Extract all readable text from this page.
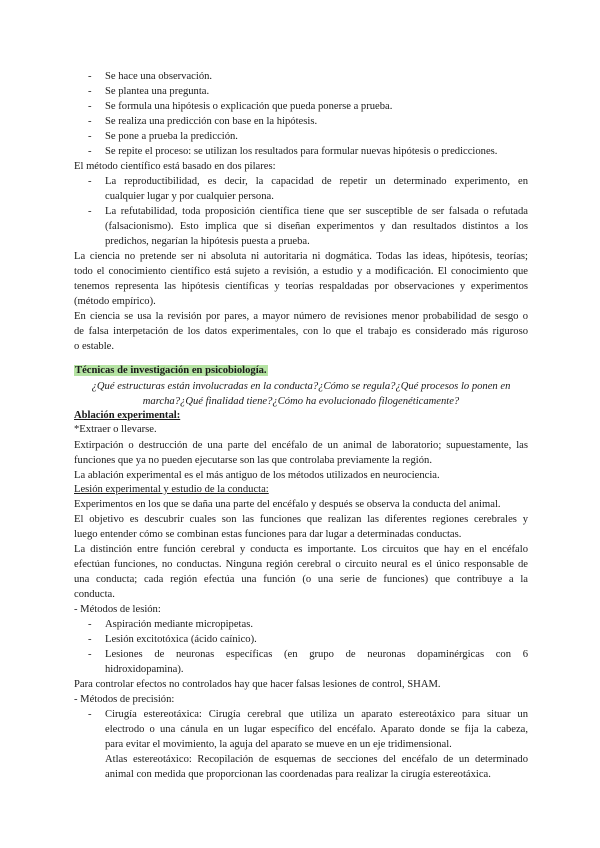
- Se hace una observación.
- Se plantea una pregunta.
- Se formula una hipótesis o explicación que pueda ponerse a prueba.
- Se realiza una predicción con base en la hipótesis.
- Se pone a prueba la predicción.
- Se repite el proceso: se utilizan los resultados para formular nuevas hipótesis o predicciones.
El método científico está basado en dos pilares:
- La reproductibilidad, es decir, la capacidad de repetir un determinado experimento, en
cualquier lugar y por cualquier persona.
- La refutabilidad, toda proposición científica tiene que ser susceptible de ser falsada o refutada
(falsacionismo). Esto implica que si diseñan experimentos y dan resultados distintos a los
predichos, negarían la hipótesis puesta a prueba.
La ciencia no pretende ser ni absoluta ni autoritaria ni dogmática. Todas las ideas, hipótesis, teorías;
todo el conocimiento científico está sujeto a revisión, a estudio y a modificación. El conocimiento que
tenemos representa las hipótesis científicas y teorías respaldadas por observaciones y experimentos
(método empírico).
En ciencia se usa la revisión por pares, a mayor número de revisiones menor probabilidad de sesgo o
de falsa interpetación de los datos experimentales, con lo que el trabajo es considerado más riguroso
o estable.
Técnicas de investigación en psicobiología.
¿Qué estructuras están involucradas en la conducta?¿Cómo se regula?¿Qué procesos lo ponen en
marcha?¿Qué finalidad tiene?¿Cómo ha evolucionado filogenéticamente?
Ablación experimental:
*Extraer o llevarse.
Extirpación o destrucción de una parte del encéfalo de un animal de laboratorio; supuestamente, las
funciones que ya no pueden ejecutarse son las que controlaba previamente la región.
La ablación experimental es el más antiguo de los métodos utilizados en neurociencia.
Lesión experimental y estudio de la conducta:
Experimentos en los que se daña una parte del encéfalo y después se observa la conducta del animal.
El objetivo es descubrir cuales son las funciones que realizan las diferentes regiones cerebrales y
luego entender cómo se combinan estas funciones para dar lugar a determinadas conductas.
La distinción entre función cerebral y conducta es importante. Los circuitos que hay en el encéfalo
efectúan funciones, no conductas. Ninguna región cerebral o circuito neural es el único responsable de
una conducta; cada región efectúa una función (o una serie de funciones) que contribuye a la
conducta.
- Métodos de lesión:
- Aspiración mediante micropipetas.
- Lesión excitotóxica (ácido caínico).
- Lesiones de neuronas específicas (en grupo de neuronas dopaminérgicas con 6
hidroxidopamina).
Para controlar efectos no controlados hay que hacer falsas lesiones de control, SHAM.
- Métodos de precisión:
- Cirugía estereotáxica: Cirugía cerebral que utiliza un aparato estereotáxico para situar un
electrodo o una cánula en un lugar específico del encéfalo. Aparato donde se fija la cabeza,
para evitar el movimiento, la aguja del aparato se mueve en un eje tridimensional.
Atlas estereotáxico: Recopilación de esquemas de secciones del encéfalo de un determinado
animal con medida que proporcionan las coordenadas para realizar la cirugía estereotáxica.
